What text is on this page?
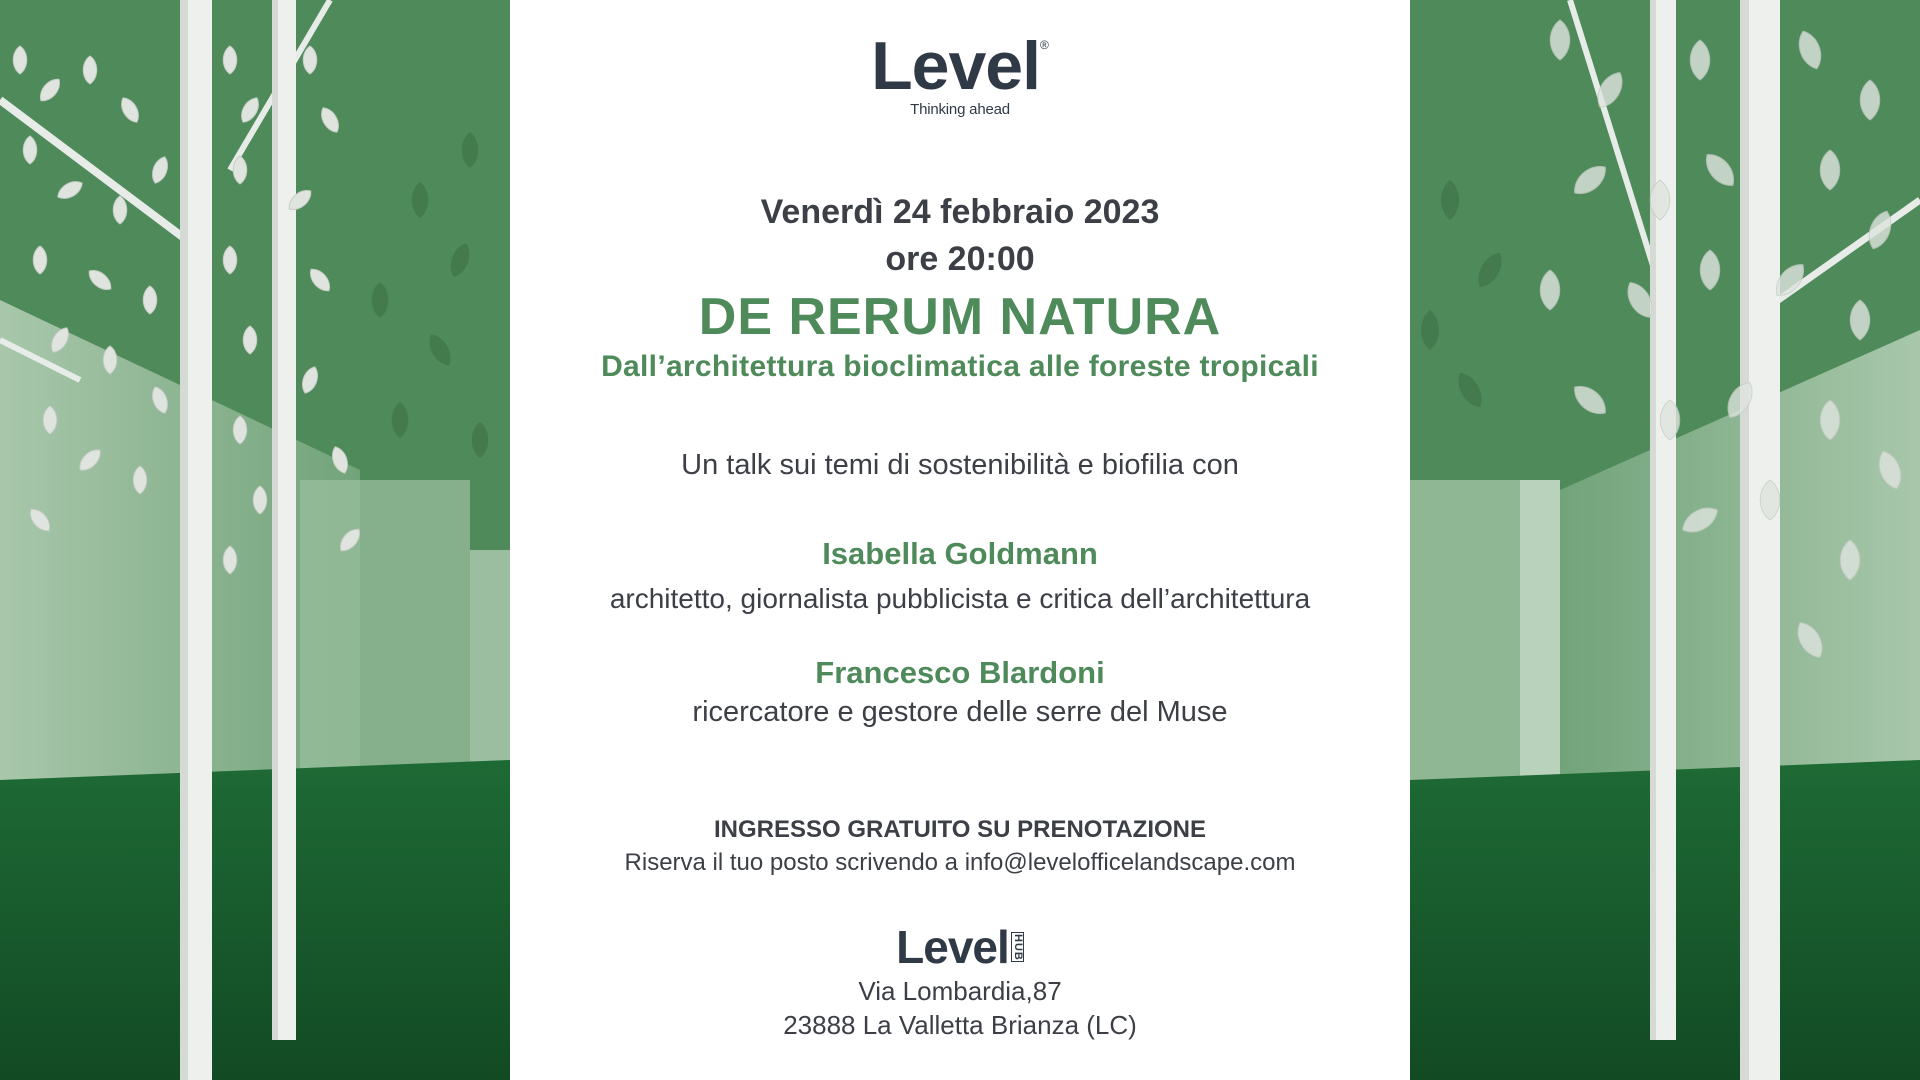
Level®
Thinking ahead
Venerdì 24 febbraio 2023
ore 20:00
DE RERUM NATURA
Dall’architettura bioclimatica alle foreste tropicali
Un talk sui temi di sostenibilità e biofilia con
Isabella Goldmann
architetto, giornalista pubblicista e critica dell’architettura
Francesco Blardoni
ricercatore e gestore delle serre del Muse
INGRESSO GRATUITO SU PRENOTAZIONE
Riserva il tuo posto scrivendo a info@levelofficelandscape.com
Level HUB
Via Lombardia,87
23888 La Valletta Brianza (LC)
